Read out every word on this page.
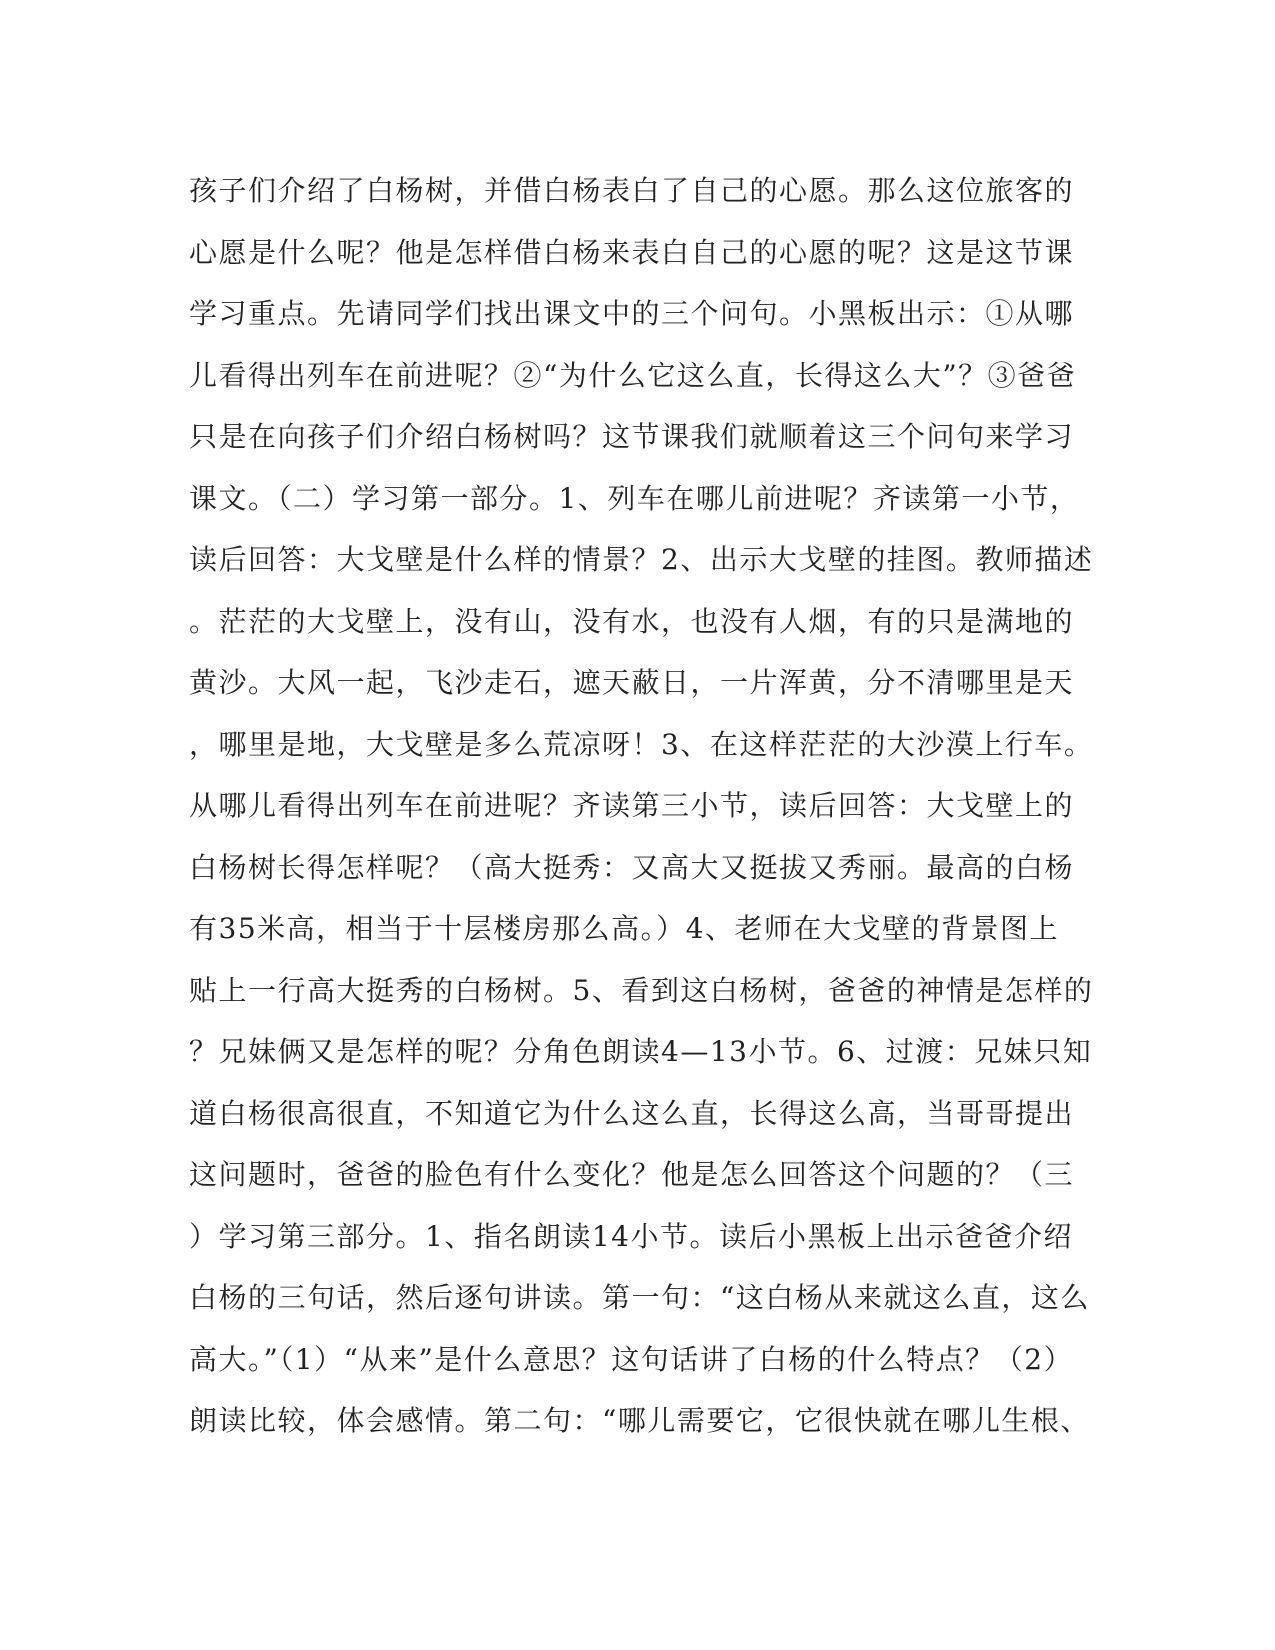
孩子们介绍了白杨树，并借白杨表白了自己的心愿。那么这位旅客的
心愿是什么呢？他是怎样借白杨来表白自己的心愿的呢？这是这节课
学习重点。先请同学们找出课文中的三个问句。小黑板出示：①从哪
儿看得出列车在前进呢？②“为什么它这么直，长得这么大”？③爸爸
只是在向孩子们介绍白杨树吗？这节课我们就顺着这三个问句来学习
课文。（二）学习第一部分。1、列车在哪儿前进呢？齐读第一小节，
读后回答：大戈壁是什么样的情景？2、出示大戈壁的挂图。教师描述
。茫茫的大戈壁上，没有山，没有水，也没有人烟，有的只是满地的
黄沙。大风一起，飞沙走石，遮天蔽日，一片浑黄，分不清哪里是天
，哪里是地，大戈壁是多么荒凉呀！3、在这样茫茫的大沙漠上行车。
从哪儿看得出列车在前进呢？齐读第三小节，读后回答：大戈壁上的
白杨树长得怎样呢？（高大挺秀：又高大又挺拔又秀丽。最高的白杨
有35米高，相当于十层楼房那么高。）4、老师在大戈壁的背景图上
贴上一行高大挺秀的白杨树。5、看到这白杨树，爸爸的神情是怎样的
？兄妹俩又是怎样的呢？分角色朗读4—13小节。6、过渡：兄妹只知
道白杨很高很直，不知道它为什么这么直，长得这么高，当哥哥提出
这问题时，爸爸的脸色有什么变化？他是怎么回答这个问题的？（三
）学习第三部分。1、指名朗读14小节。读后小黑板上出示爸爸介绍
白杨的三句话，然后逐句讲读。第一句：“这白杨从来就这么直，这么
高大。”（1）“从来”是什么意思？这句话讲了白杨的什么特点？（2）
朗读比较，体会感情。第二句：“哪儿需要它，它很快就在哪儿生根、
